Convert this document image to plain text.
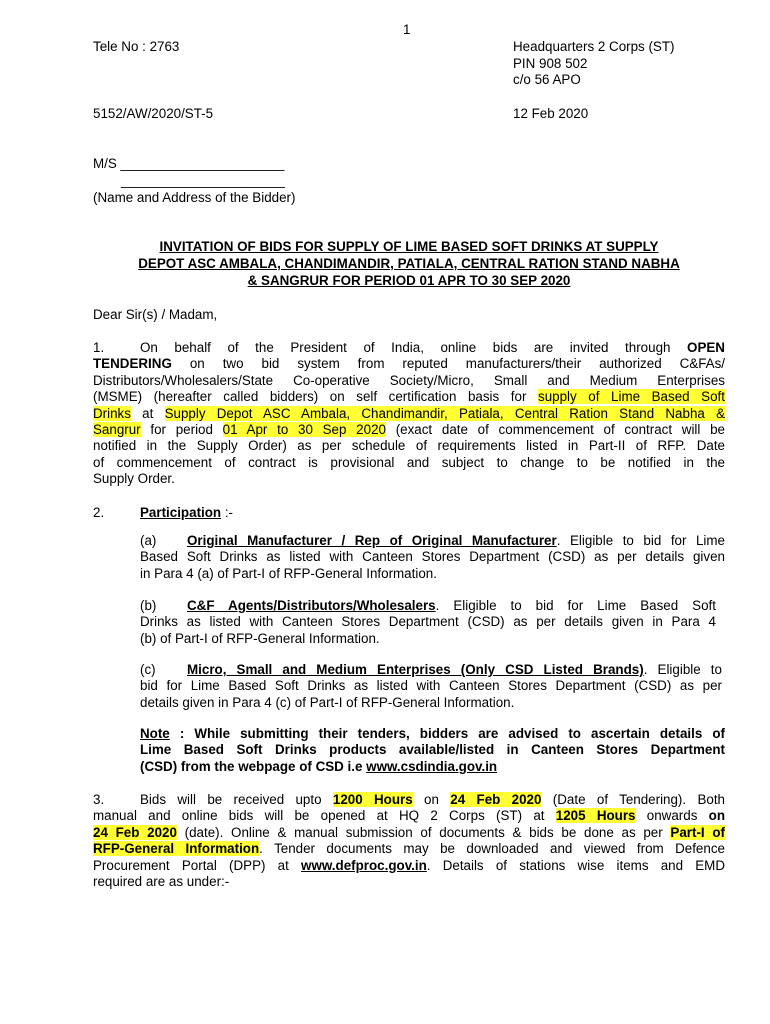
1
Tele No : 2763	Headquarters 2 Corps (ST)
PIN 908 502
c/o 56 APO
5152/AW/2020/ST-5	12 Feb 2020
M/S ______________________
______________________
(Name and Address of the Bidder)
INVITATION OF BIDS FOR SUPPLY OF LIME BASED SOFT DRINKS AT SUPPLY
DEPOT ASC AMBALA, CHANDIMANDIR, PATIALA, CENTRAL RATION STAND NABHA
& SANGRUR FOR PERIOD 01 APR TO 30 SEP 2020
Dear Sir(s) / Madam,
1.	On behalf of the President of India, online bids are invited through OPEN
TENDERING on two bid system from reputed manufacturers/their authorized C&FAs/
Distributors/Wholesalers/State Co-operative Society/Micro, Small and Medium Enterprises
(MSME) (hereafter called bidders) on self certification basis for supply of Lime Based Soft
Drinks at Supply Depot ASC Ambala, Chandimandir, Patiala, Central Ration Stand Nabha &
Sangrur for period 01 Apr to 30 Sep 2020 (exact date of commencement of contract will be
notified in the Supply Order) as per schedule of requirements listed in Part-II of RFP. Date
of commencement of contract is provisional and subject to change to be notified in the
Supply Order.
2.	Participation :-
(a)	Original Manufacturer / Rep of Original Manufacturer. Eligible to bid for Lime
Based Soft Drinks as listed with Canteen Stores Department (CSD) as per details given
in Para 4 (a) of Part-I of RFP-General Information.
(b)	C&F Agents/Distributors/Wholesalers. Eligible to bid for Lime Based Soft
Drinks as listed with Canteen Stores Department (CSD) as per details given in Para 4
(b) of Part-I of RFP-General Information.
(c)	Micro, Small and Medium Enterprises (Only CSD Listed Brands). Eligible to
bid for Lime Based Soft Drinks as listed with Canteen Stores Department (CSD) as per
details given in Para 4 (c) of Part-I of RFP-General Information.
Note : While submitting their tenders, bidders are advised to ascertain details of
Lime Based Soft Drinks products available/listed in Canteen Stores Department
(CSD) from the webpage of CSD i.e www.csdindia.gov.in
3.	Bids will be received upto 1200 Hours on 24 Feb 2020 (Date of Tendering). Both
manual and online bids will be opened at HQ 2 Corps (ST) at 1205 Hours onwards on
24 Feb 2020 (date). Online & manual submission of documents & bids be done as per Part-I of
RFP-General Information. Tender documents may be downloaded and viewed from Defence
Procurement Portal (DPP) at www.defproc.gov.in. Details of stations wise items and EMD
required are as under:-
